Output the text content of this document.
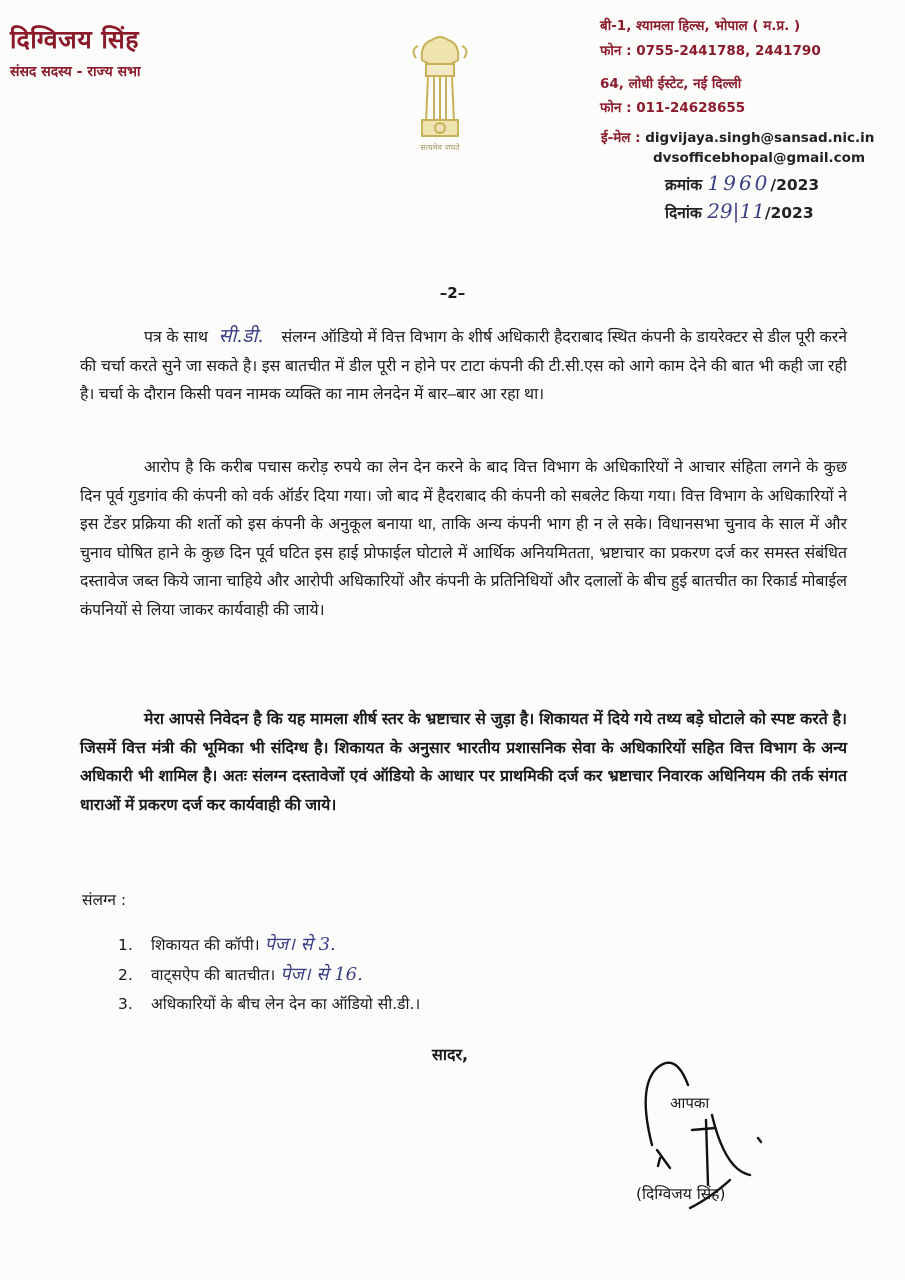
दिग्विजय सिंह
संसद सदस्य - राज्य सभा
सत्यमेव जयते
बी-1, श्यामला हिल्स, भोपाल ( म.प्र. )
फोन : 0755-2441788, 2441790
64, लोधी ईस्टेट, नई दिल्ली
फोन : 011-24628655
ई-मेल : digvijaya.singh@sansad.nic.in
dvsofficebhopal@gmail.com
क्रमांक 1960/2023
दिनांक 29|11/2023
–2–
पत्र के साथ सी.डी. संलग्न ऑडियो में वित्त विभाग के शीर्ष अधिकारी हैदराबाद स्थित कंपनी के डायरेक्टर से डील पूरी करने की चर्चा करते सुने जा सकते है। इस बातचीत में डील पूरी न होने पर टाटा कंपनी की टी.सी.एस को आगे काम देने की बात भी कही जा रही है। चर्चा के दौरान किसी पवन नामक व्यक्ति का नाम लेनदेन में बार–बार आ रहा था।
आरोप है कि करीब पचास करोड़ रुपये का लेन देन करने के बाद वित्त विभाग के अधिकारियों ने आचार संहिता लगने के कुछ दिन पूर्व गुडगांव की कंपनी को वर्क ऑर्डर दिया गया। जो बाद में हैदराबाद की कंपनी को सबलेट किया गया। वित्त विभाग के अधिकारियों ने इस टेंडर प्रक्रिया की शर्तो को इस कंपनी के अनुकूल बनाया था, ताकि अन्य कंपनी भाग ही न ले सके। विधानसभा चुनाव के साल में और चुनाव घोषित हाने के कुछ दिन पूर्व घटित इस हाई प्रोफाईल घोटाले में आर्थिक अनियमितता, भ्रष्टाचार का प्रकरण दर्ज कर समस्त संबंधित दस्तावेज जब्त किये जाना चाहिये और आरोपी अधिकारियों और कंपनी के प्रतिनिधियों और दलालों के बीच हुई बातचीत का रिकार्ड मोबाईल कंपनियों से लिया जाकर कार्यवाही की जाये।
मेरा आपसे निवेदन है कि यह मामला शीर्ष स्तर के भ्रष्टाचार से जुड़ा है। शिकायत में दिये गये तथ्य बड़े घोटाले को स्पष्ट करते है। जिसमें वित्त मंत्री की भूमिका भी संदिग्ध है। शिकायत के अनुसार भारतीय प्रशासनिक सेवा के अधिकारियों सहित वित्त विभाग के अन्य अधिकारी भी शामिल है। अतः संलग्न दस्तावेजों एवं ऑडियो के आधार पर प्राथमिकी दर्ज कर भ्रष्टाचार निवारक अधिनियम की तर्क संगत धाराओं में प्रकरण दर्ज कर कार्यवाही की जाये।
संलग्न :
1. शिकायत की कॉपी। पेज। से 3.
2. वाट्सऐप की बातचीत। पेज। से 16.
3. अधिकारियों के बीच लेन देन का ऑडियो सी.डी.।
सादर,
आपका
(दिग्विजय सिंह)
